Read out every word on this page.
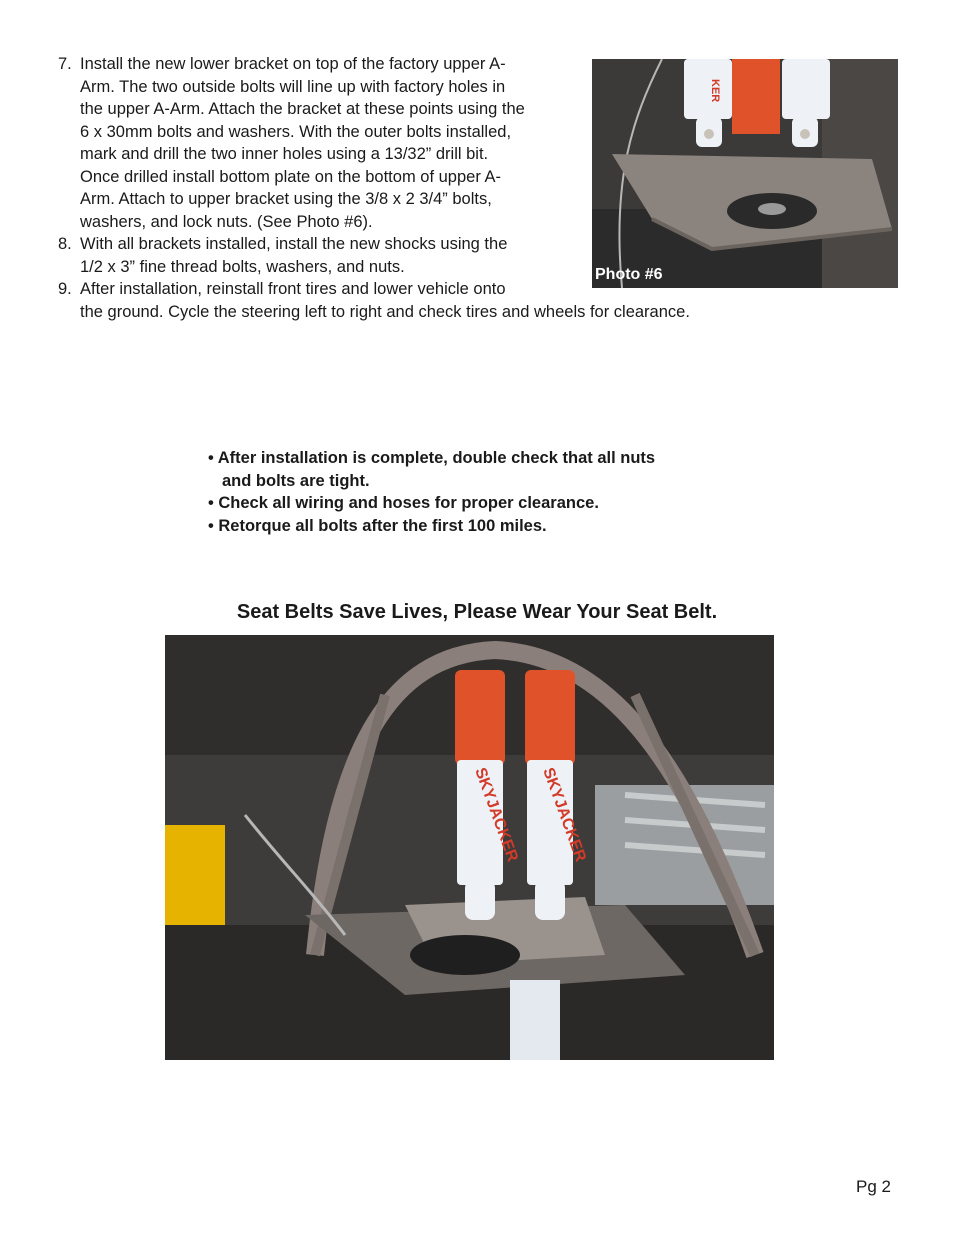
7. Install the new lower bracket on top of the factory upper A-
Arm. The two outside bolts will line up with factory holes in
the upper A-Arm. Attach the bracket at these points using the
6 x 30mm bolts and washers. With the outer bolts installed,
mark and drill the two inner holes using a 13/32” drill bit.
Once drilled install bottom plate on the bottom of upper A-
Arm. Attach to upper bracket using the 3/8 x 2 3/4” bolts,
washers, and lock nuts. (See Photo #6).
8. With all brackets installed, install the new shocks using the
1/2 x 3” fine thread bolts, washers, and nuts.
9. After installation, reinstall front tires and lower vehicle onto
the ground. Cycle the steering left to right and check tires and wheels for clearance.
KER
Photo #6
• After installation is complete, double check that all nuts
and bolts are tight.
• Check all wiring and hoses for proper clearance.
• Retorque all bolts after the first 100 miles.
Seat Belts Save Lives, Please Wear Your Seat Belt.
SKYJACKER SKYJACKER
Pg 2
